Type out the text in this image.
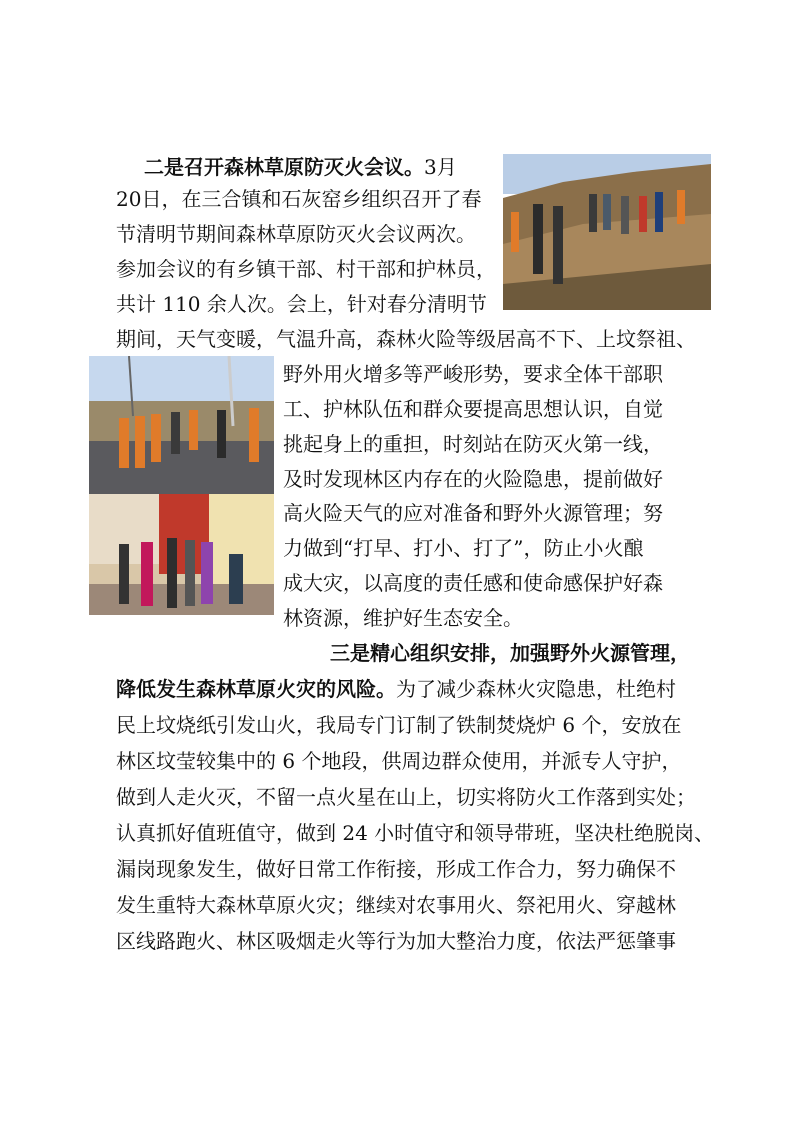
二是召开森林草原防灭火会议。3月

20日，在三合镇和石灰窑乡组织召开了春

节清明节期间森林草原防灭火会议两次。

参加会议的有乡镇干部、村干部和护林员，

共计 110 余人次。会上，针对春分清明节

期间，天气变暖，气温升高，森林火险等级居高不下、上坟祭祖、

野外用火增多等严峻形势，要求全体干部职

工、护林队伍和群众要提高思想认识，自觉

挑起身上的重担，时刻站在防灭火第一线，

及时发现林区内存在的火险隐患，提前做好

高火险天气的应对准备和野外火源管理；努

力做到“打早、打小、打了”，防止小火酿

成大灾，以高度的责任感和使命感保护好森

林资源，维护好生态安全。

三是精心组织安排，加强野外火源管理，

降低发生森林草原火灾的风险。为了减少森林火灾隐患，杜绝村

民上坟烧纸引发山火，我局专门订制了铁制焚烧炉 6 个，安放在

林区坟莹较集中的 6 个地段，供周边群众使用，并派专人守护，

做到人走火灭，不留一点火星在山上，切实将防火工作落到实处；

认真抓好值班值守，做到 24 小时值守和领导带班，坚决杜绝脱岗、

漏岗现象发生，做好日常工作衔接，形成工作合力，努力确保不

发生重特大森林草原火灾；继续对农事用火、祭祀用火、穿越林

区线路跑火、林区吸烟走火等行为加大整治力度，依法严惩肇事
